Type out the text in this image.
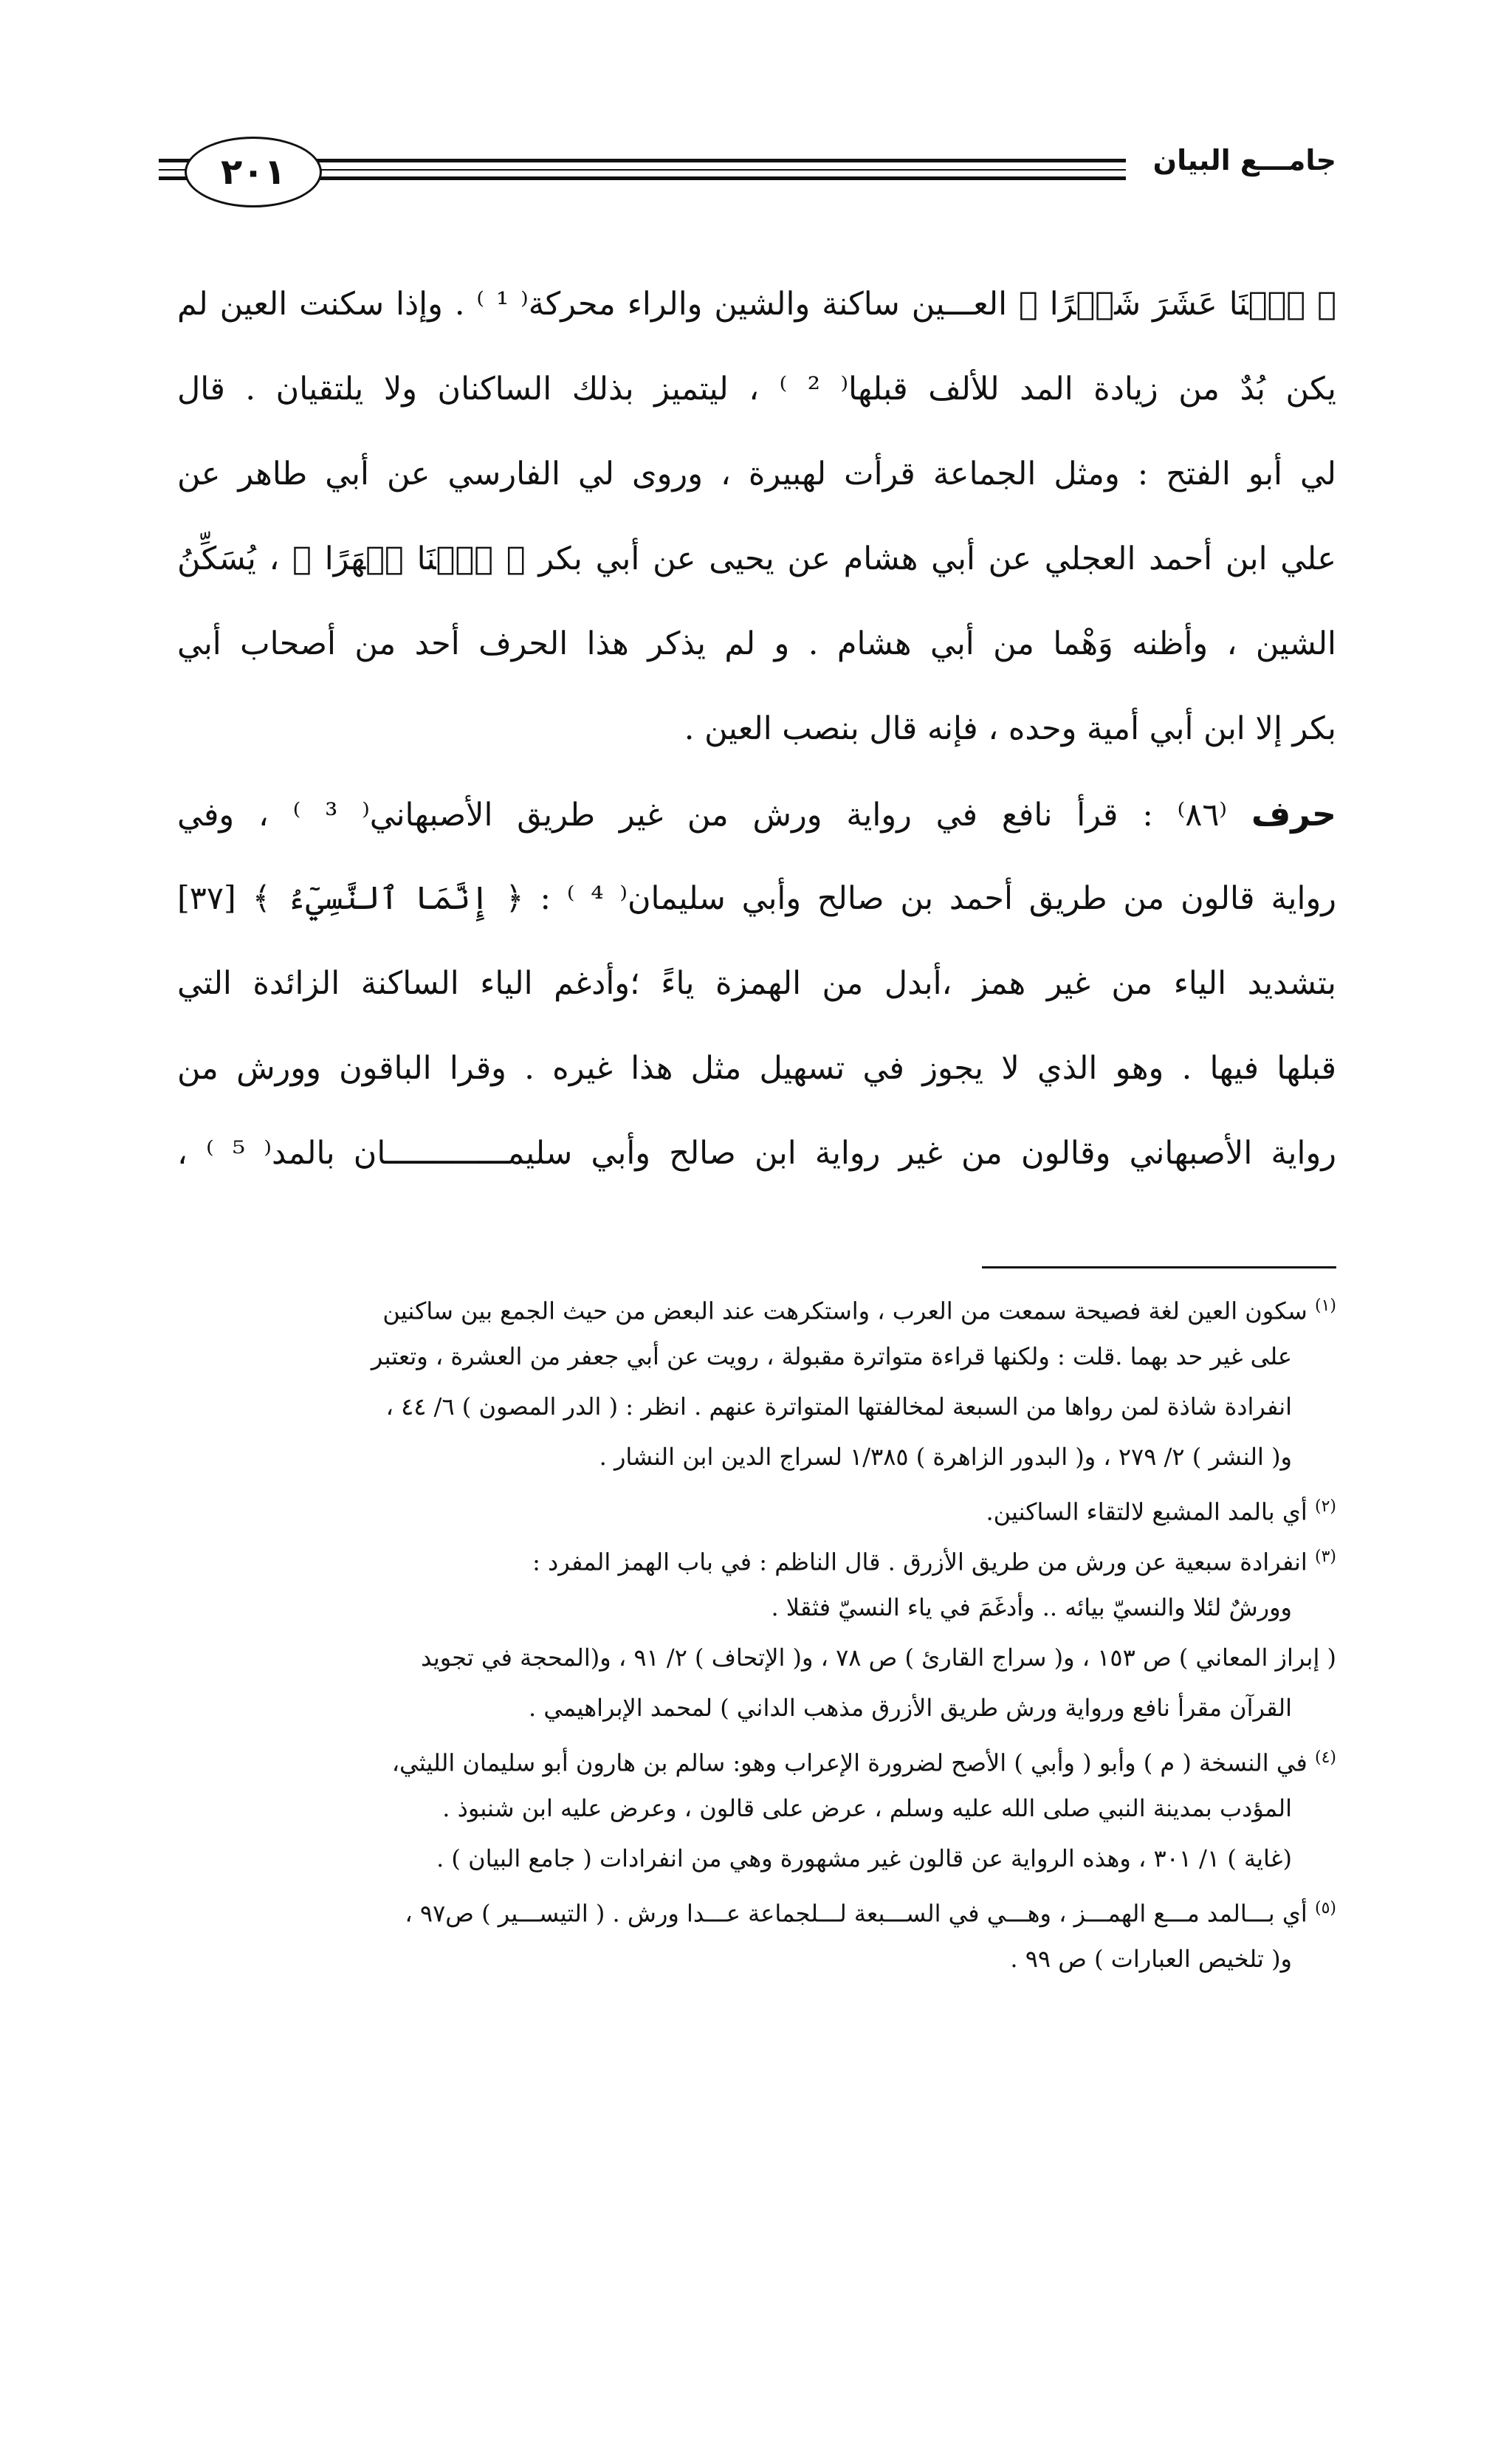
٢٠١	جامـــع البيان
﴿ ٱثۡنَا عَشَرَ شَهۡرًا ﴾ العـــين ساكنة والشين والراء محركة⁽ ¹ ⁾ . وإذا سكنت العين لم
يكن بُدٌ من زيادة المد للألف قبلها⁽ ² ⁾ ، ليتميز بذلك الساكنان ولا يلتقيان . قال
لي أبو الفتح : ومثل الجماعة قرأت لهبيرة ، وروى لي الفارسي عن أبي طاهر عن
علي ابن أحمد العجلي عن أبي هشام عن يحيى عن أبي بكر ﴿ ٱثۡنَا شۡهَرًا ﴾ ، يُسَكِّنُ
الشين ، وأظنه وَهْما من أبي هشام . و لم يذكر هذا الحرف أحد من أصحاب أبي
بكر إلا ابن أبي أمية وحده ، فإنه قال بنصب العين .
حرف ⁽٨٦⁾ : قرأ نافع في رواية ورش من غير طريق الأصبهاني⁽ ³ ⁾ ، وفي
رواية قالون من طريق أحمد بن صالح وأبي سليمان⁽ ⁴ ⁾ : ﴿ إِنَّمَا ٱلنَّسِيٓءُ ﴾ [٣٧]
بتشديد الياء من غير همز ،أبدل من الهمزة ياءً ؛وأدغم الياء الساكنة الزائدة التي
قبلها فيها . وهو الذي لا يجوز في تسهيل مثل هذا غيره . وقرا الباقون وورش من
رواية الأصبهاني وقالون من غير رواية ابن صالح وأبي سليمـــــــــــــان بالمد⁽ ⁵ ⁾ ،
$^{(١)}$ سكون العين لغة فصيحة سمعت من العرب ، واستكرهت عند البعض من حيث الجمع بين ساكنين
على غير حد بهما .قلت : ولكنها قراءة متواترة مقبولة ، رويت عن أبي جعفر من العشرة ، وتعتبر
انفرادة شاذة لمن رواها من السبعة لمخالفتها المتواترة عنهم . انظر : ( الدر المصون ) ٦/ ٤٤ ،
و( النشر ) ٢/ ٢٧٩ ، و( البدور الزاهرة ) ١/٣٨٥ لسراج الدين ابن النشار .
$^{(٢)}$ أي بالمد المشبع لالتقاء الساكنين.
$^{(٣)}$ انفرادة سبعية عن ورش من طريق الأزرق . قال الناظم : في باب الهمز المفرد :
وورشٌ لئلا والنسيّ بيائه .. وأدغَمَ في ياء النسيّ فثقلا .
( إبراز المعاني ) ص ١٥٣ ، و( سراج القارئ ) ص ٧٨ ، و( الإتحاف ) ٢/ ٩١ ، و(المحجة في تجويد
القرآن مقرأ نافع ورواية ورش طريق الأزرق مذهب الداني ) لمحمد الإبراهيمي .
$^{(٤)}$ في النسخة ( م ) وأبو ( وأبي ) الأصح لضرورة الإعراب وهو: سالم بن هارون أبو سليمان الليثي،
المؤدب بمدينة النبي صلى الله عليه وسلم ، عرض على قالون ، وعرض عليه ابن شنبوذ .
(غاية ) ١/ ٣٠١ ، وهذه الرواية عن قالون غير مشهورة وهي من انفرادات ( جامع البيان ) .
$^{(٥)}$ أي بـــالمد مـــع الهمـــز ، وهـــي في الســـبعة لـــلجماعة عـــدا ورش . ( التيســـير ) ص٩٧ ،
و( تلخيص العبارات ) ص ٩٩ .
